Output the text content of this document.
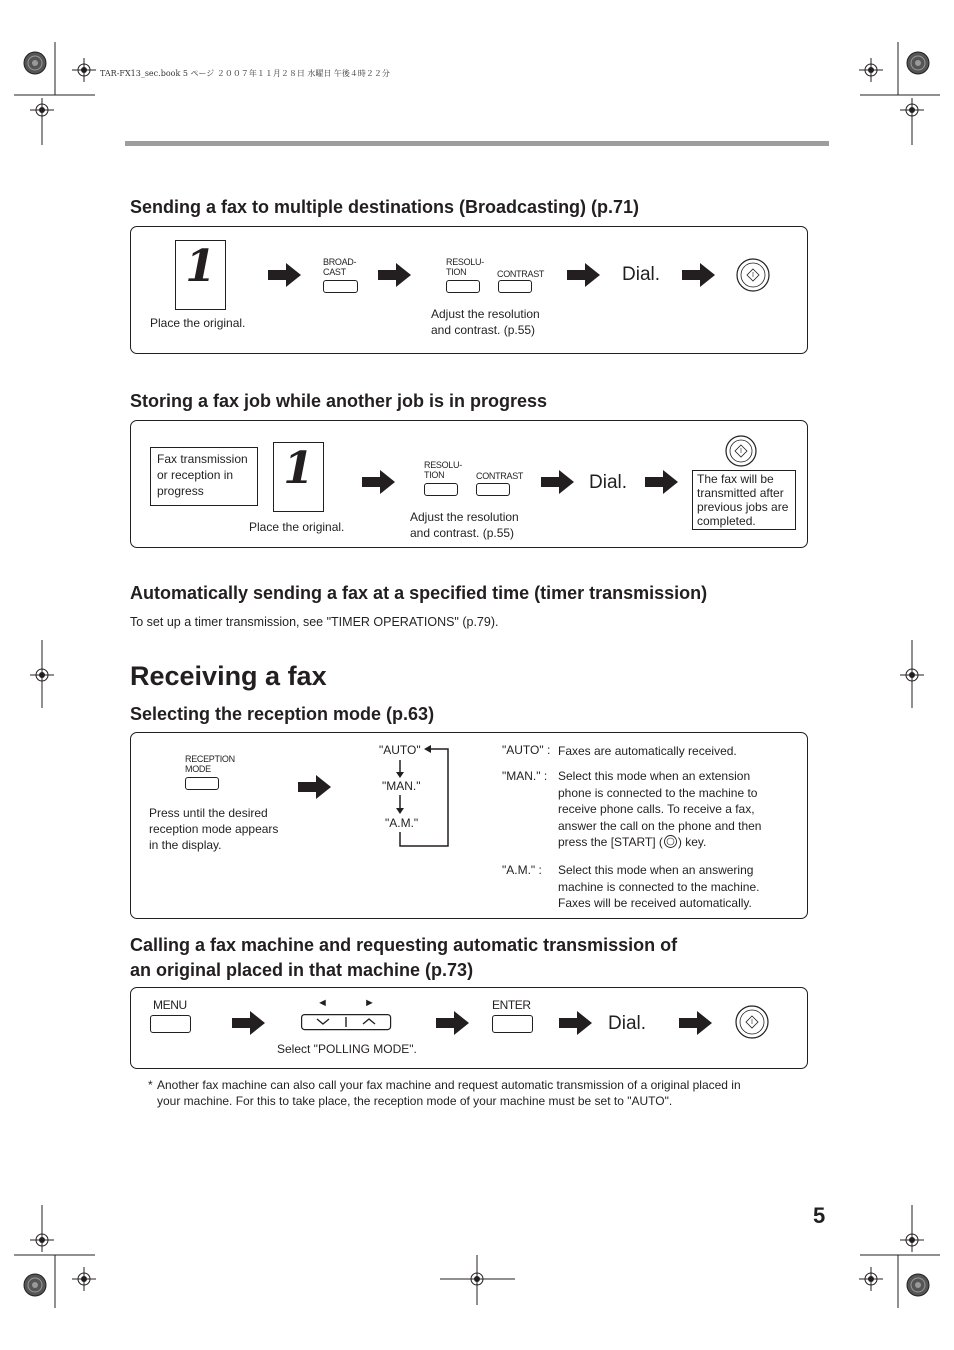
TAR-FX13_sec.book 5 ページ ２００７年１１月２８日 水曜日 午後４時２２分
Sending a fax to multiple destinations (Broadcasting) (p.71)
1
Place the original.
BROAD-
CAST
RESOLU-
TION	CONTRAST
Adjust the resolution
and contrast. (p.55)
Dial.
Storing a fax job while another job is in progress
Fax transmission
or reception in
progress	1
Place the original.
RESOLU-
TION	CONTRAST
Adjust the resolution
and contrast. (p.55)
Dial.	The fax will be
transmitted after
previous jobs are
completed.
Automatically sending a fax at a specified time (timer transmission)
To set up a timer transmission, see "TIMER OPERATIONS" (p.79).
Receiving a fax
Selecting the reception mode (p.63)
RECEPTION
MODE
Press until the desired
reception mode appears
in the display.
"AUTO"
"MAN."
"A.M."
"AUTO" : Faxes are automatically received.
"MAN." : Select this mode when an extension
phone is connected to the machine to
receive phone calls. To receive a fax,
answer the call on the phone and then
press the [START] ( ) key.
"A.M." : Select this mode when an answering
machine is connected to the machine.
Faxes will be received automatically.
Calling a fax machine and requesting automatic transmission of
an original placed in that machine (p.73)
MENU	◄	►
Select "POLLING MODE".
ENTER
Dial.
* Another fax machine can also call your fax machine and request automatic transmission of a original placed in
your machine. For this to take place, the reception mode of your machine must be set to "AUTO".
5
